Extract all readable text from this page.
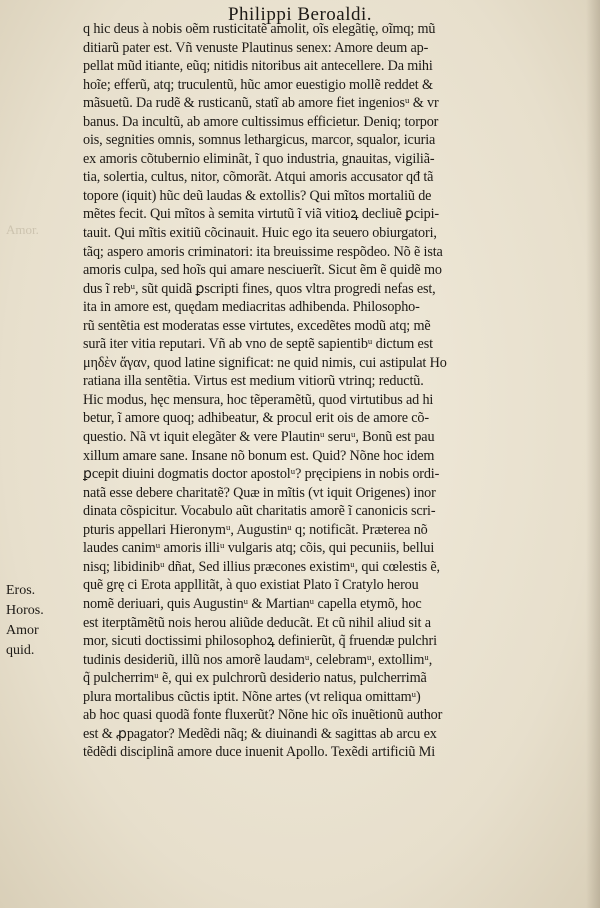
Philippi Beroaldi.
Amor.
q hic deus à nobis oẽm rusticitatẽ amolit, oĩs elegãtię, oĩmq; mũ
ditiarũ pater est. Vñ venuste Plautinus senex: Amore deum ap-
pellat mũd itiante, eũq; nitidis nitoribus ait antecellere. Da mihi
hoĩe; efferũ, atq; truculentũ, hũc amor euestigio mollẽ reddet &
mãsuetũ. Da rudẽ & rusticanũ, statĩ ab amore fiet ingeniosᵘ & vr
banus. Da incultũ, ab amore cultissimus efficietur. Deniq; torpor
ois, segnities omnis, somnus lethargicus, marcor, squalor, icuria
ex amoris cõtubernio eliminãt, ĩ quo industria, gnauitas, vigiliã-
tia, solertia, cultus, nitor, cõmorãt. Atqui amoris accusator qđ tã
topore (iquit) hũc deũ laudas & extollis? Qui mĩtos mortaliũ de
mẽtes fecit. Qui mĩtos à semita virtutũ ĩ viã vitioꝝ decliuẽ ꝑcipi-
tauit. Qui mĩtis exitiũ cõcinauit. Huic ego ita seuero obiurgatori,
tãq; aspero amoris criminatori: ita breuissime respõdeo. Nõ ẽ ista
amoris culpa, sed hoĩs qui amare nesciuerĩt. Sicut ẽm ẽ quidẽ mo
dus ĩ rebᵘ, sũt quidã ꝑscripti fines, quos vltra progredi nefas est,
ita in amore est, quędam mediacritas adhibenda. Philosopho-
rũ sentẽtia est moderatas esse virtutes, excedẽtes modũ atq; mẽ
surã iter vitia reputari. Vñ ab vno de septẽ sapientibᵘ dictum est
μηδὲν ἄγαν, quod latine significat: ne quid nimis, cui astipulat Ho
ratiana illa sentẽtia. Virtus est medium vitiorũ vtrinq; reductũ.
Hic modus, hęc mensura, hoc tẽperamẽtũ, quod virtutibus ad hi
betur, ĩ amore quoq; adhibeatur, & procul erit ois de amore cõ-
questio. Nã vt iquit elegãter & vere Plautinᵘ seruᵘ, Bonũ est pau
xillum amare sane. Insane nõ bonum est. Quid? Nõne hoc idem
ꝑcepit diuini dogmatis doctor apostolᵘ? pręcipiens in nobis ordi-
natã esse debere charitatẽ? Quæ in mĩtis (vt iquit Origenes) inor
dinata cõspicitur. Vocabulo aũt charitatis amorẽ ĩ canonicis scri-
pturis appellari Hieronymᵘ, Augustinᵘ q; notificãt. Præterea nõ
laudes canimᵘ amoris illiᵘ vulgaris atq; cõis, qui pecuniis, bellui
nisq; libidinibᵘ dñat, Sed illius præcones existimᵘ, qui cœlestis ẽ,
quẽ grę ci Erota appllitãt, à quo existiat Plato ĩ Cratylo herou
nomẽ deriuari, quis Augustinᵘ & Martianᵘ capella etymõ, hoc
est iterptãmẽtũ nois herou aliũde deducãt. Et cũ nihil aliud sit a
mor, sicuti doctissimi philosophoꝝ definierũt, q̃ fruendæ pulchri
tudinis desideriũ, illũ nos amorẽ laudamᵘ, celebramᵘ, extollimᵘ,
q̃ pulcherrimᵘ ẽ, qui ex pulchrorũ desiderio natus, pulcherrimã
plura mortalibus cũctis iptit. Nõne artes (vt reliqua omittamᵘ)
ab hoc quasi quodã fonte fluxerũt? Nõne hic oĩs inuẽtionũ author
est & ꝓpagator? Medẽdi nãq; & diuinandi & sagittas ab arcu ex
tẽdẽdi disciplinã amore duce inuenit Apollo. Texẽdi artificiũ Mi
Eros.
Horos.
Amor
quid.
